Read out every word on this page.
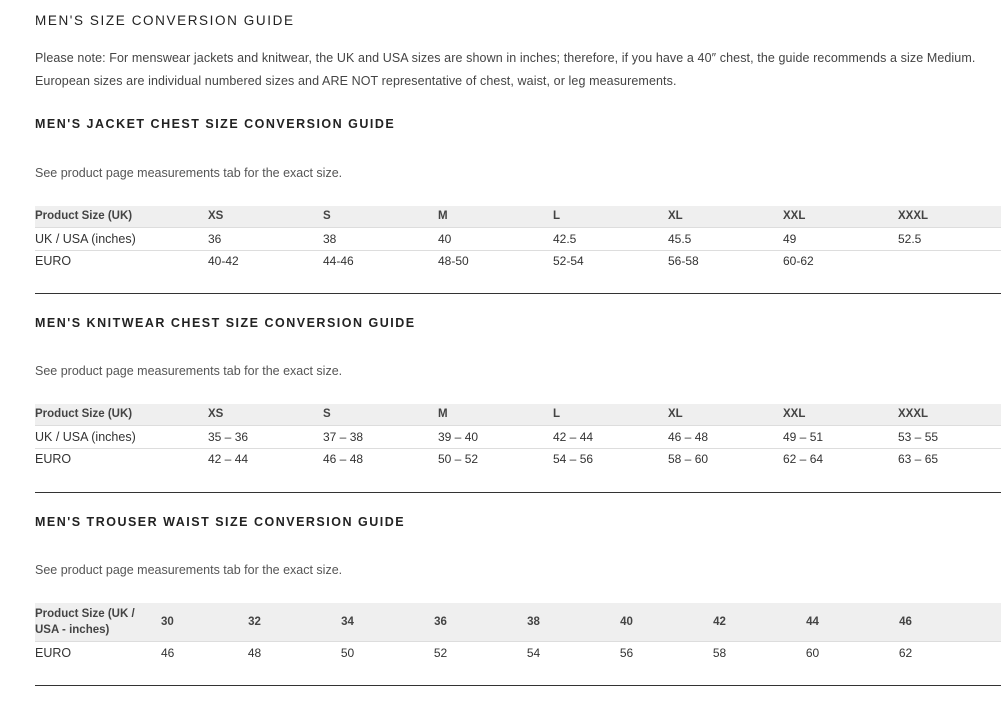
MEN'S SIZE CONVERSION GUIDE
Please note: For menswear jackets and knitwear, the UK and USA sizes are shown in inches; therefore, if you have a 40″ chest, the guide recommends a size Medium.
European sizes are individual numbered sizes and ARE NOT representative of chest, waist, or leg measurements.
MEN'S JACKET CHEST SIZE CONVERSION GUIDE
See product page measurements tab for the exact size.
Product Size (UK)	XS	S	M	L	XL	XXL	XXXL
UK / USA (inches)	36	38	40	42.5	45.5	49	52.5
EURO	40-42	44-46	48-50	52-54	56-58	60-62	
MEN'S KNITWEAR CHEST SIZE CONVERSION GUIDE
See product page measurements tab for the exact size.
Product Size (UK)	XS	S	M	L	XL	XXL	XXXL
UK / USA (inches)	35 – 36	37 – 38	39 – 40	42 – 44	46 – 48	49 – 51	53 – 55
EURO	42 – 44	46 – 48	50 – 52	54 – 56	58 – 60	62 – 64	63 – 65
MEN'S TROUSER WAIST SIZE CONVERSION GUIDE
See product page measurements tab for the exact size.
Product Size (UK / USA - inches)	30	32	34	36	38	40	42	44	46	
EURO	46	48	50	52	54	56	58	60	62	
